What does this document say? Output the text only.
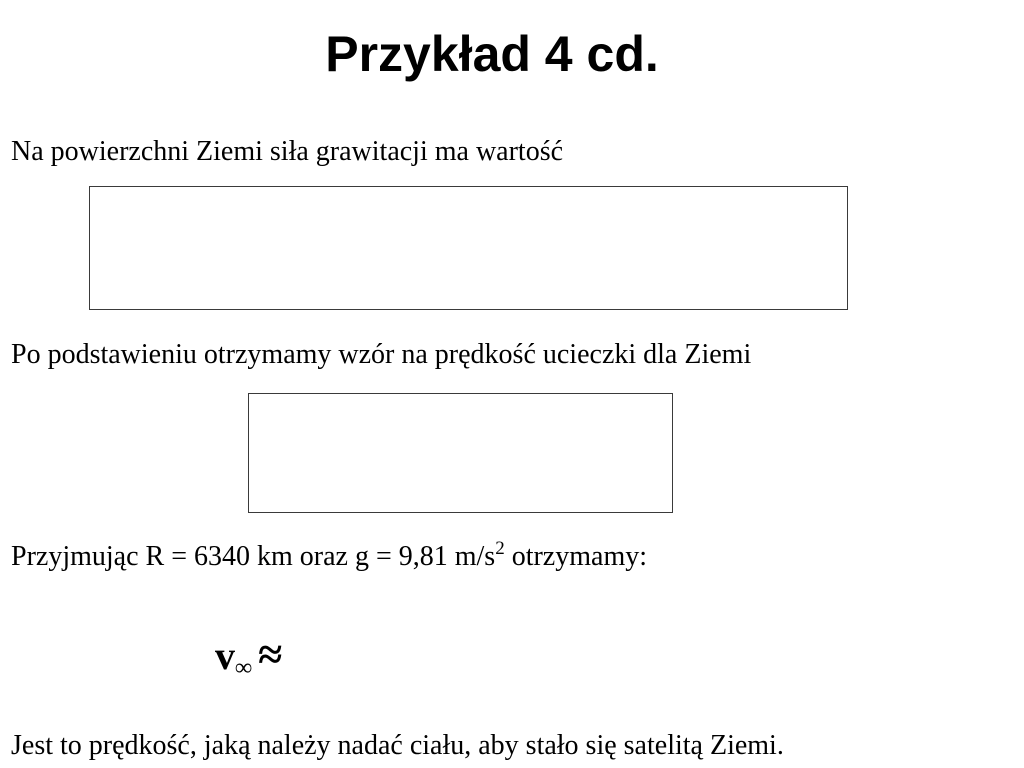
Przykład 4 cd.
Na powierzchni Ziemi siła grawitacji ma wartość
Po podstawieniu otrzymamy wzór na prędkość ucieczki dla Ziemi
Przyjmując R = 6340 km oraz g = 9,81 $m/s^2$ otrzymamy:
$v_\infty$ ≈
Jest to prędkość, jaką należy nadać ciału, aby stało się satelitą Ziemi.
